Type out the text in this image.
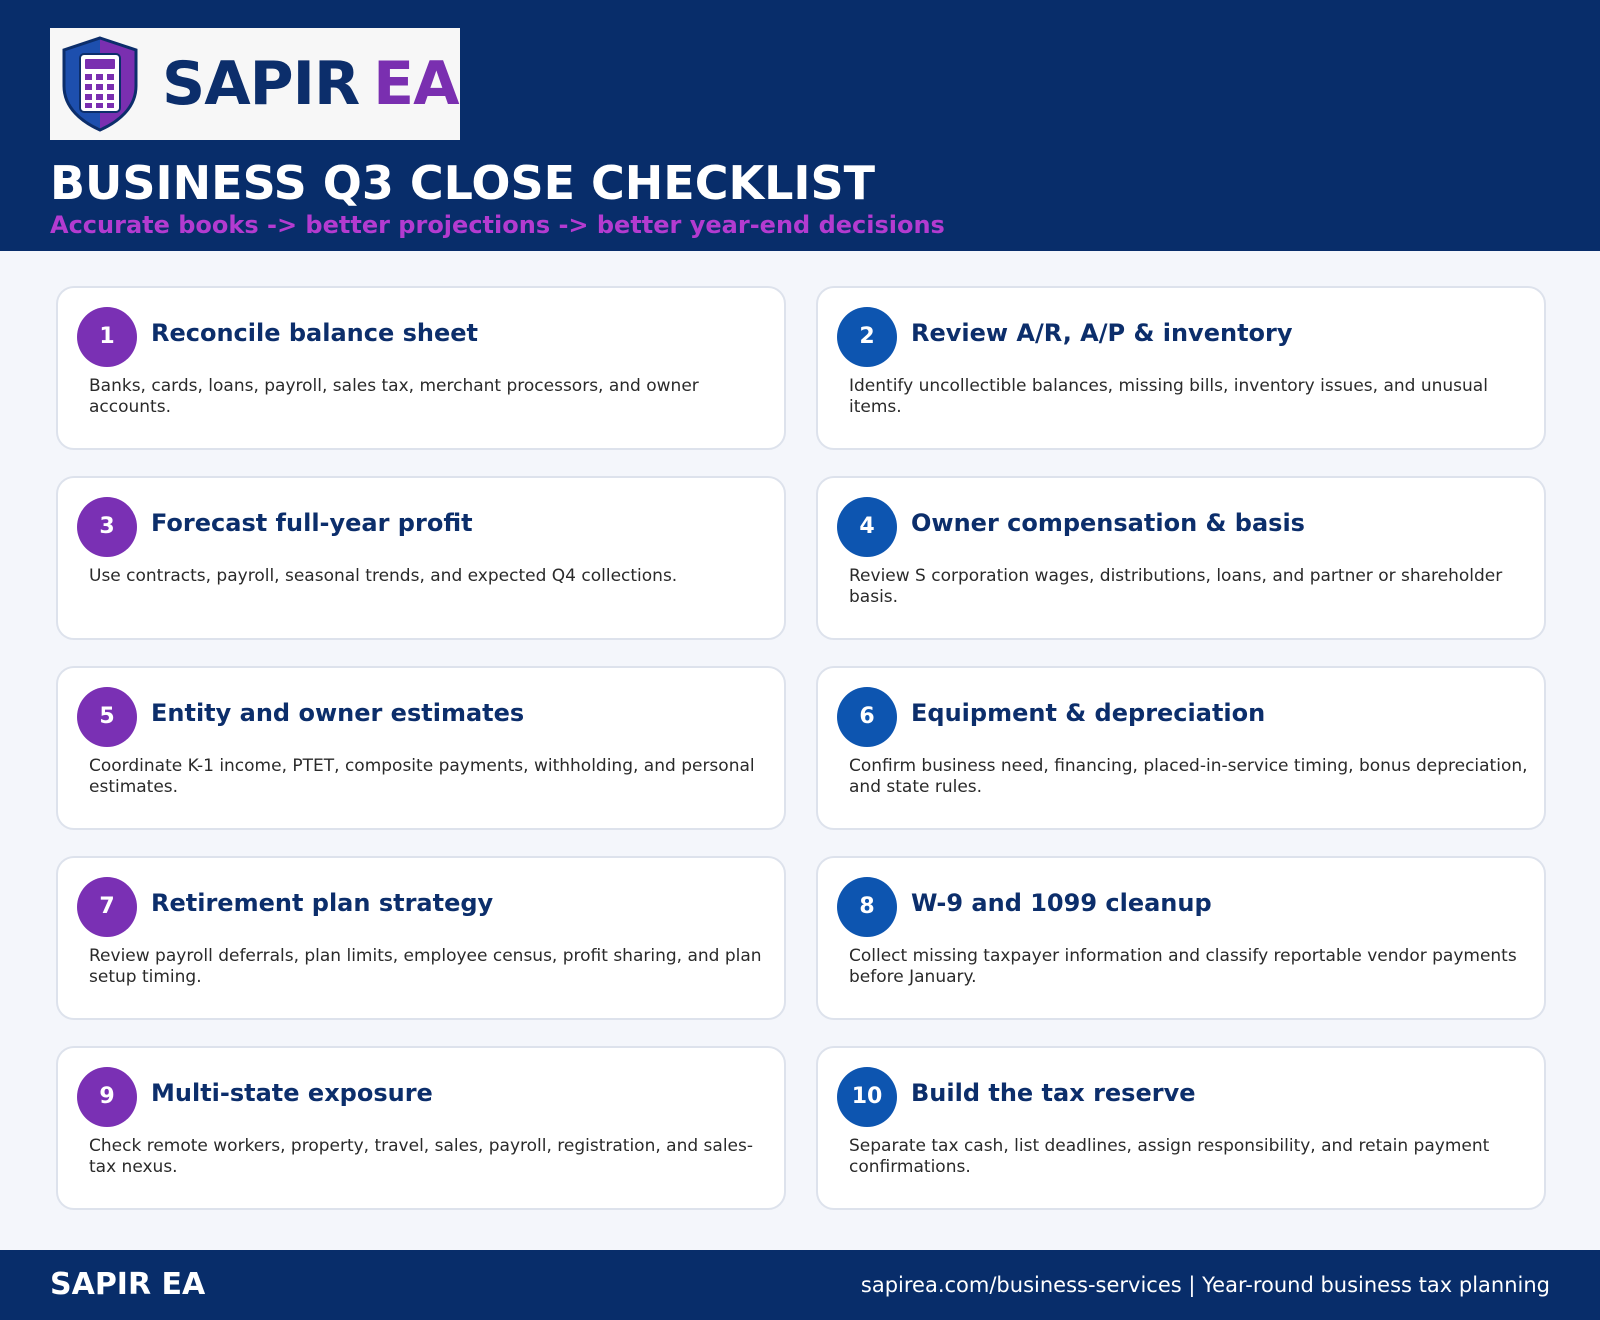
SAPIR EA
BUSINESS Q3 CLOSE CHECKLIST
Accurate books -> better projections -> better year-end decisions
1	Reconcile balance sheet
Banks, cards, loans, payroll, sales tax, merchant processors, and owner accounts.
2	Review A/R, A/P & inventory
Identify uncollectible balances, missing bills, inventory issues, and unusual items.
3	Forecast full-year profit
Use contracts, payroll, seasonal trends, and expected Q4 collections.
4	Owner compensation & basis
Review S corporation wages, distributions, loans, and partner or shareholder basis.
5	Entity and owner estimates
Coordinate K-1 income, PTET, composite payments, withholding, and personal estimates.
6	Equipment & depreciation
Confirm business need, financing, placed-in-service timing, bonus depreciation, and state rules.
7	Retirement plan strategy
Review payroll deferrals, plan limits, employee census, profit sharing, and plan setup timing.
8	W-9 and 1099 cleanup
Collect missing taxpayer information and classify reportable vendor payments before January.
9	Multi-state exposure
Check remote workers, property, travel, sales, payroll, registration, and sales-tax nexus.
10	Build the tax reserve
Separate tax cash, list deadlines, assign responsibility, and retain payment confirmations.
SAPIR EA	sapirea.com/business-services | Year-round business tax planning
